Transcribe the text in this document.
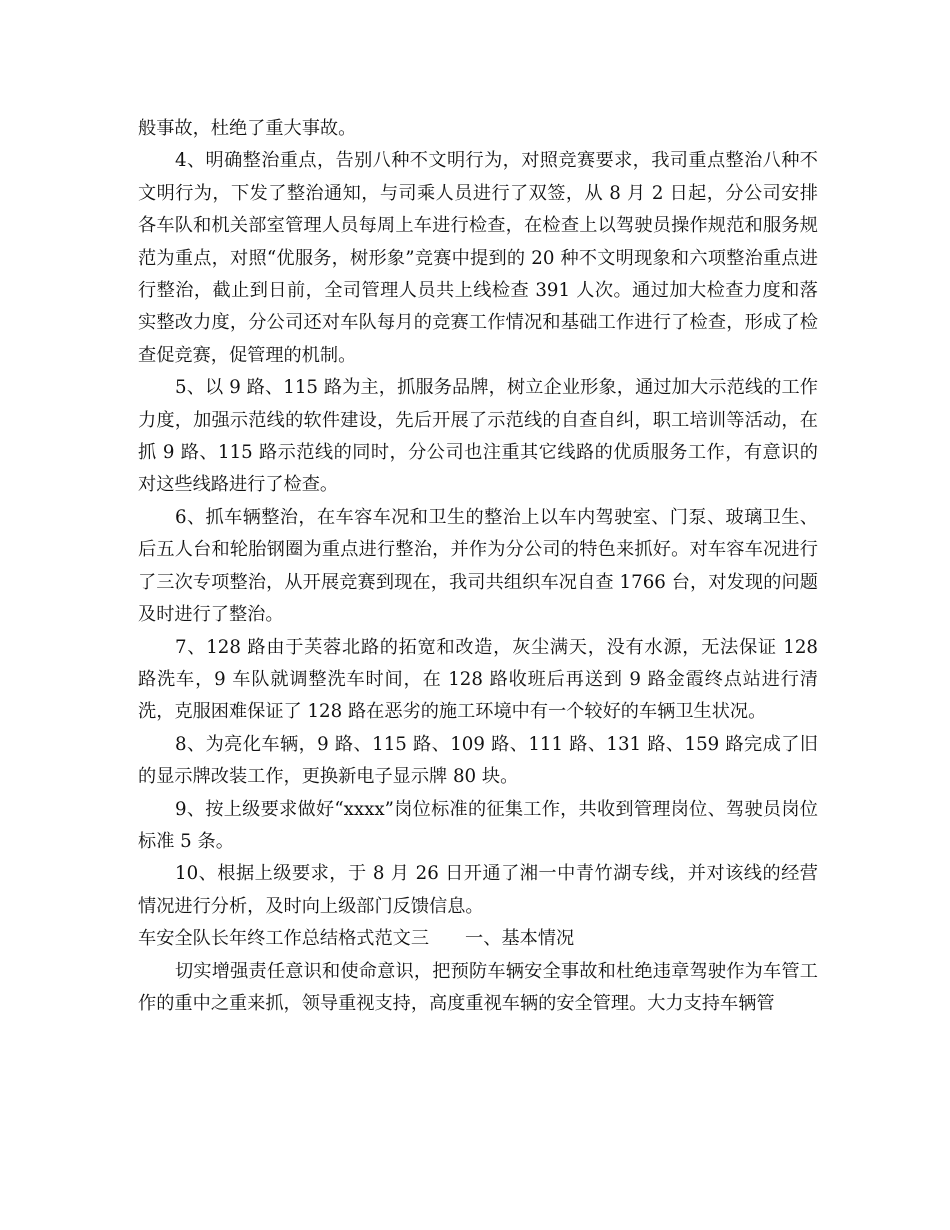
般事故，杜绝了重大事故。

4、明确整治重点，告别八种不文明行为，对照竞赛要求，我司重点整治八种不文明行为，下发了整治通知，与司乘人员进行了双签，从 8 月 2 日起，分公司安排各车队和机关部室管理人员每周上车进行检查，在检查上以驾驶员操作规范和服务规范为重点，对照“优服务，树形象”竞赛中提到的 20 种不文明现象和六项整治重点进行整治，截止到日前，全司管理人员共上线检查 391 人次。通过加大检查力度和落实整改力度，分公司还对车队每月的竞赛工作情况和基础工作进行了检查，形成了检查促竞赛，促管理的机制。

5、以 9 路、115 路为主，抓服务品牌，树立企业形象，通过加大示范线的工作力度，加强示范线的软件建设，先后开展了示范线的自查自纠，职工培训等活动，在抓 9 路、115 路示范线的同时，分公司也注重其它线路的优质服务工作，有意识的对这些线路进行了检查。

6、抓车辆整治，在车容车况和卫生的整治上以车内驾驶室、门泵、玻璃卫生、后五人台和轮胎钢圈为重点进行整治，并作为分公司的特色来抓好。对车容车况进行了三次专项整治，从开展竞赛到现在，我司共组织车况自查 1766 台，对发现的问题及时进行了整治。

7、128 路由于芙蓉北路的拓宽和改造，灰尘满天，没有水源，无法保证 128 路洗车，9 车队就调整洗车时间，在 128 路收班后再送到 9 路金霞终点站进行清洗，克服困难保证了 128 路在恶劣的施工环境中有一个较好的车辆卫生状况。

8、为亮化车辆，9 路、115 路、109 路、111 路、131 路、159 路完成了旧的显示牌改装工作，更换新电子显示牌 80 块。

9、按上级要求做好“xxxx”岗位标准的征集工作，共收到管理岗位、驾驶员岗位标准 5 条。

10、根据上级要求，于 8 月 26 日开通了湘一中青竹湖专线，并对该线的经营情况进行分析，及时向上级部门反馈信息。

车安全队长年终工作总结格式范文三 一、基本情况

切实增强责任意识和使命意识，把预防车辆安全事故和杜绝违章驾驶作为车管工作的重中之重来抓，领导重视支持，高度重视车辆的安全管理。大力支持车辆管
